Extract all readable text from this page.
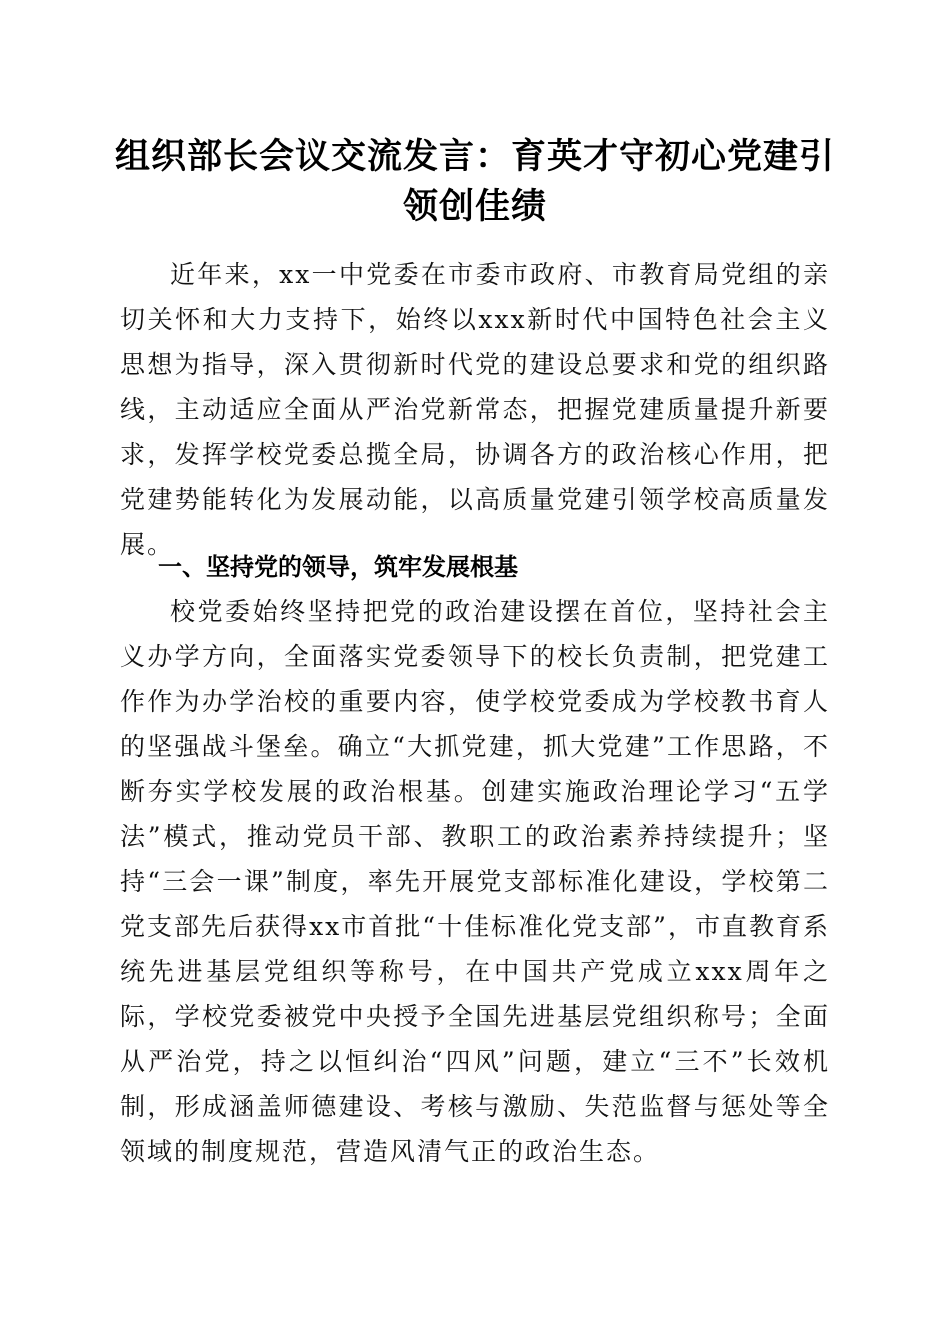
组织部长会议交流发言：育英才守初心党建引领创佳绩

近年来，xx一中党委在市委市政府、市教育局党组的亲切关怀和大力支持下，始终以xxx新时代中国特色社会主义思想为指导，深入贯彻新时代党的建设总要求和党的组织路线，主动适应全面从严治党新常态，把握党建质量提升新要求，发挥学校党委总揽全局，协调各方的政治核心作用，把党建势能转化为发展动能，以高质量党建引领学校高质量发展。

一、坚持党的领导，筑牢发展根基

校党委始终坚持把党的政治建设摆在首位，坚持社会主义办学方向，全面落实党委领导下的校长负责制，把党建工作作为办学治校的重要内容，使学校党委成为学校教书育人的坚强战斗堡垒。确立“大抓党建，抓大党建”工作思路，不断夯实学校发展的政治根基。创建实施政治理论学习“五学法”模式，推动党员干部、教职工的政治素养持续提升；坚持“三会一课”制度，率先开展党支部标准化建设，学校第二党支部先后获得xx市首批“十佳标准化党支部”，市直教育系统先进基层党组织等称号，在中国共产党成立xxx周年之际，学校党委被党中央授予全国先进基层党组织称号；全面从严治党，持之以恒纠治“四风”问题，建立“三不”长效机制，形成涵盖师德建设、考核与激励、失范监督与惩处等全领域的制度规范，营造风清气正的政治生态。
